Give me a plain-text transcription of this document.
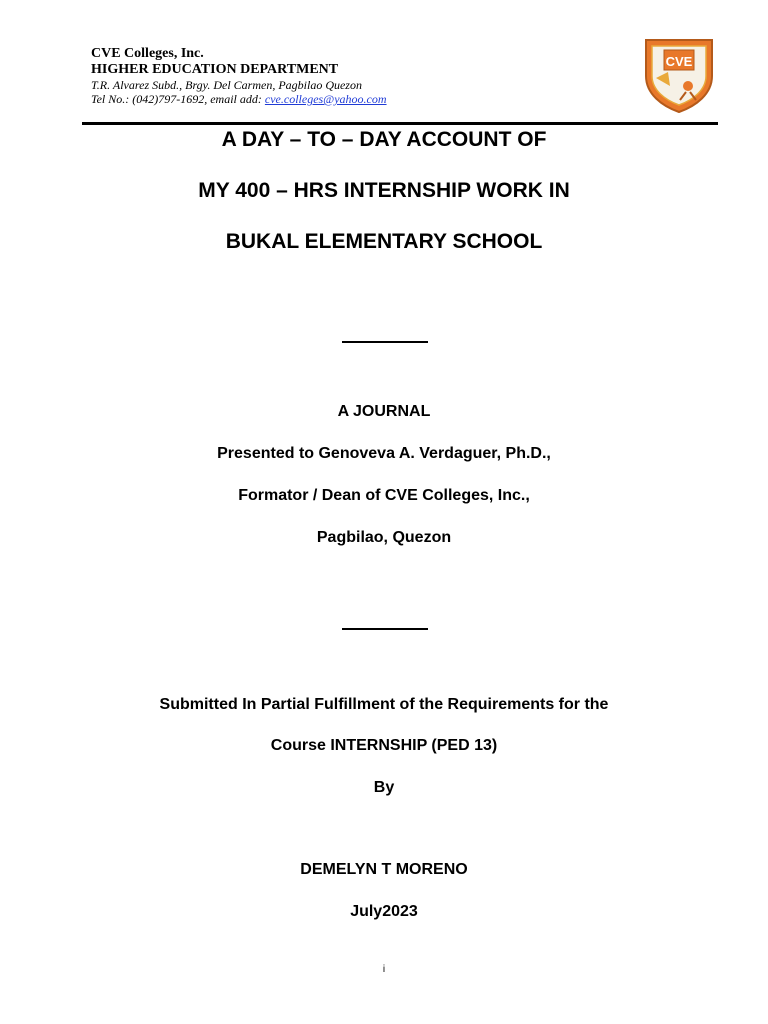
CVE Colleges, Inc.
HIGHER EDUCATION DEPARTMENT
T.R. Alvarez Subd., Brgy. Del Carmen, Pagbilao Quezon
Tel No.: (042)797-1692, email add: cve.colleges@yahoo.com
CVE
A DAY – TO – DAY ACCOUNT OF
MY 400 – HRS INTERNSHIP WORK IN
BUKAL ELEMENTARY SCHOOL
A JOURNAL
Presented to Genoveva A. Verdaguer, Ph.D.,
Formator / Dean of CVE Colleges, Inc.,
Pagbilao, Quezon
Submitted In Partial Fulfillment of the Requirements for the
Course INTERNSHIP (PED 13)
By
DEMELYN T MORENO
July2023
i
